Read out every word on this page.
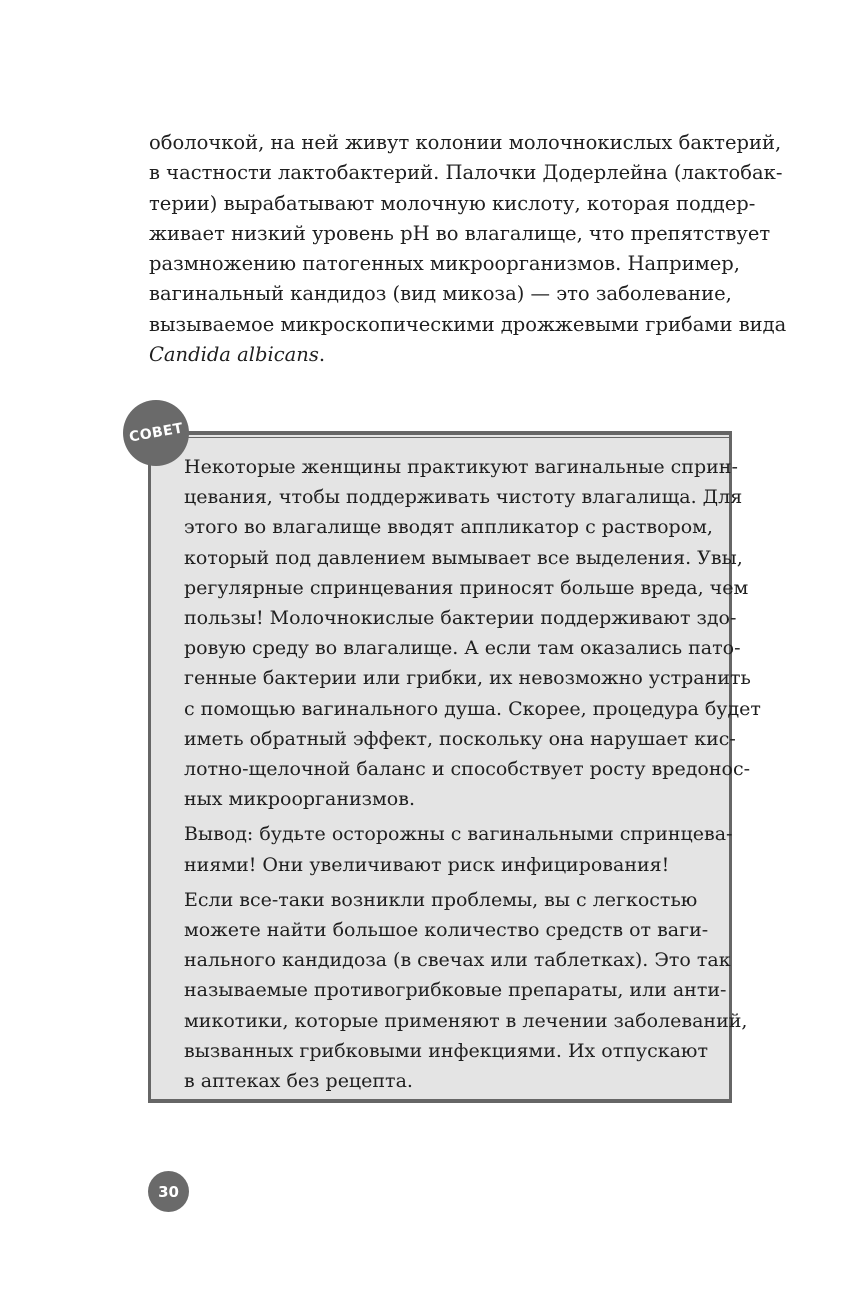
оболочкой, на ней живут колонии молочнокислых бактерий,
в частности лактобактерий. Палочки Додерлейна (лактобак-
терии) вырабатывают молочную кислоту, которая поддер-
живает низкий уровень pH во влагалище, что препятствует
размножению патогенных микроорганизмов. Например,
вагинальный кандидоз (вид микоза) — это заболевание,
вызываемое микроскопическими дрожжевыми грибами вида
Candida albicans.
СОВЕТ
Некоторые женщины практикуют вагинальные сприн-
цевания, чтобы поддерживать чистоту влагалища. Для
этого во влагалище вводят аппликатор с раствором,
который под давлением вымывает все выделения. Увы,
регулярные спринцевания приносят больше вреда, чем
пользы! Молочнокислые бактерии поддерживают здо-
ровую среду во влагалище. А если там оказались пато-
генные бактерии или грибки, их невозможно устранить
с помощью вагинального душа. Скорее, процедура будет
иметь обратный эффект, поскольку она нарушает кис-
лотно-щелочной баланс и способствует росту вредонос-
ных микроорганизмов.
Вывод: будьте осторожны с вагинальными спринцева-
ниями! Они увеличивают риск инфицирования!
Если все-таки возникли проблемы, вы с легкостью
можете найти большое количество средств от ваги-
нального кандидоза (в свечах или таблетках). Это так
называемые противогрибковые препараты, или анти-
микотики, которые применяют в лечении заболеваний,
вызванных грибковыми инфекциями. Их отпускают
в аптеках без рецепта.
30
